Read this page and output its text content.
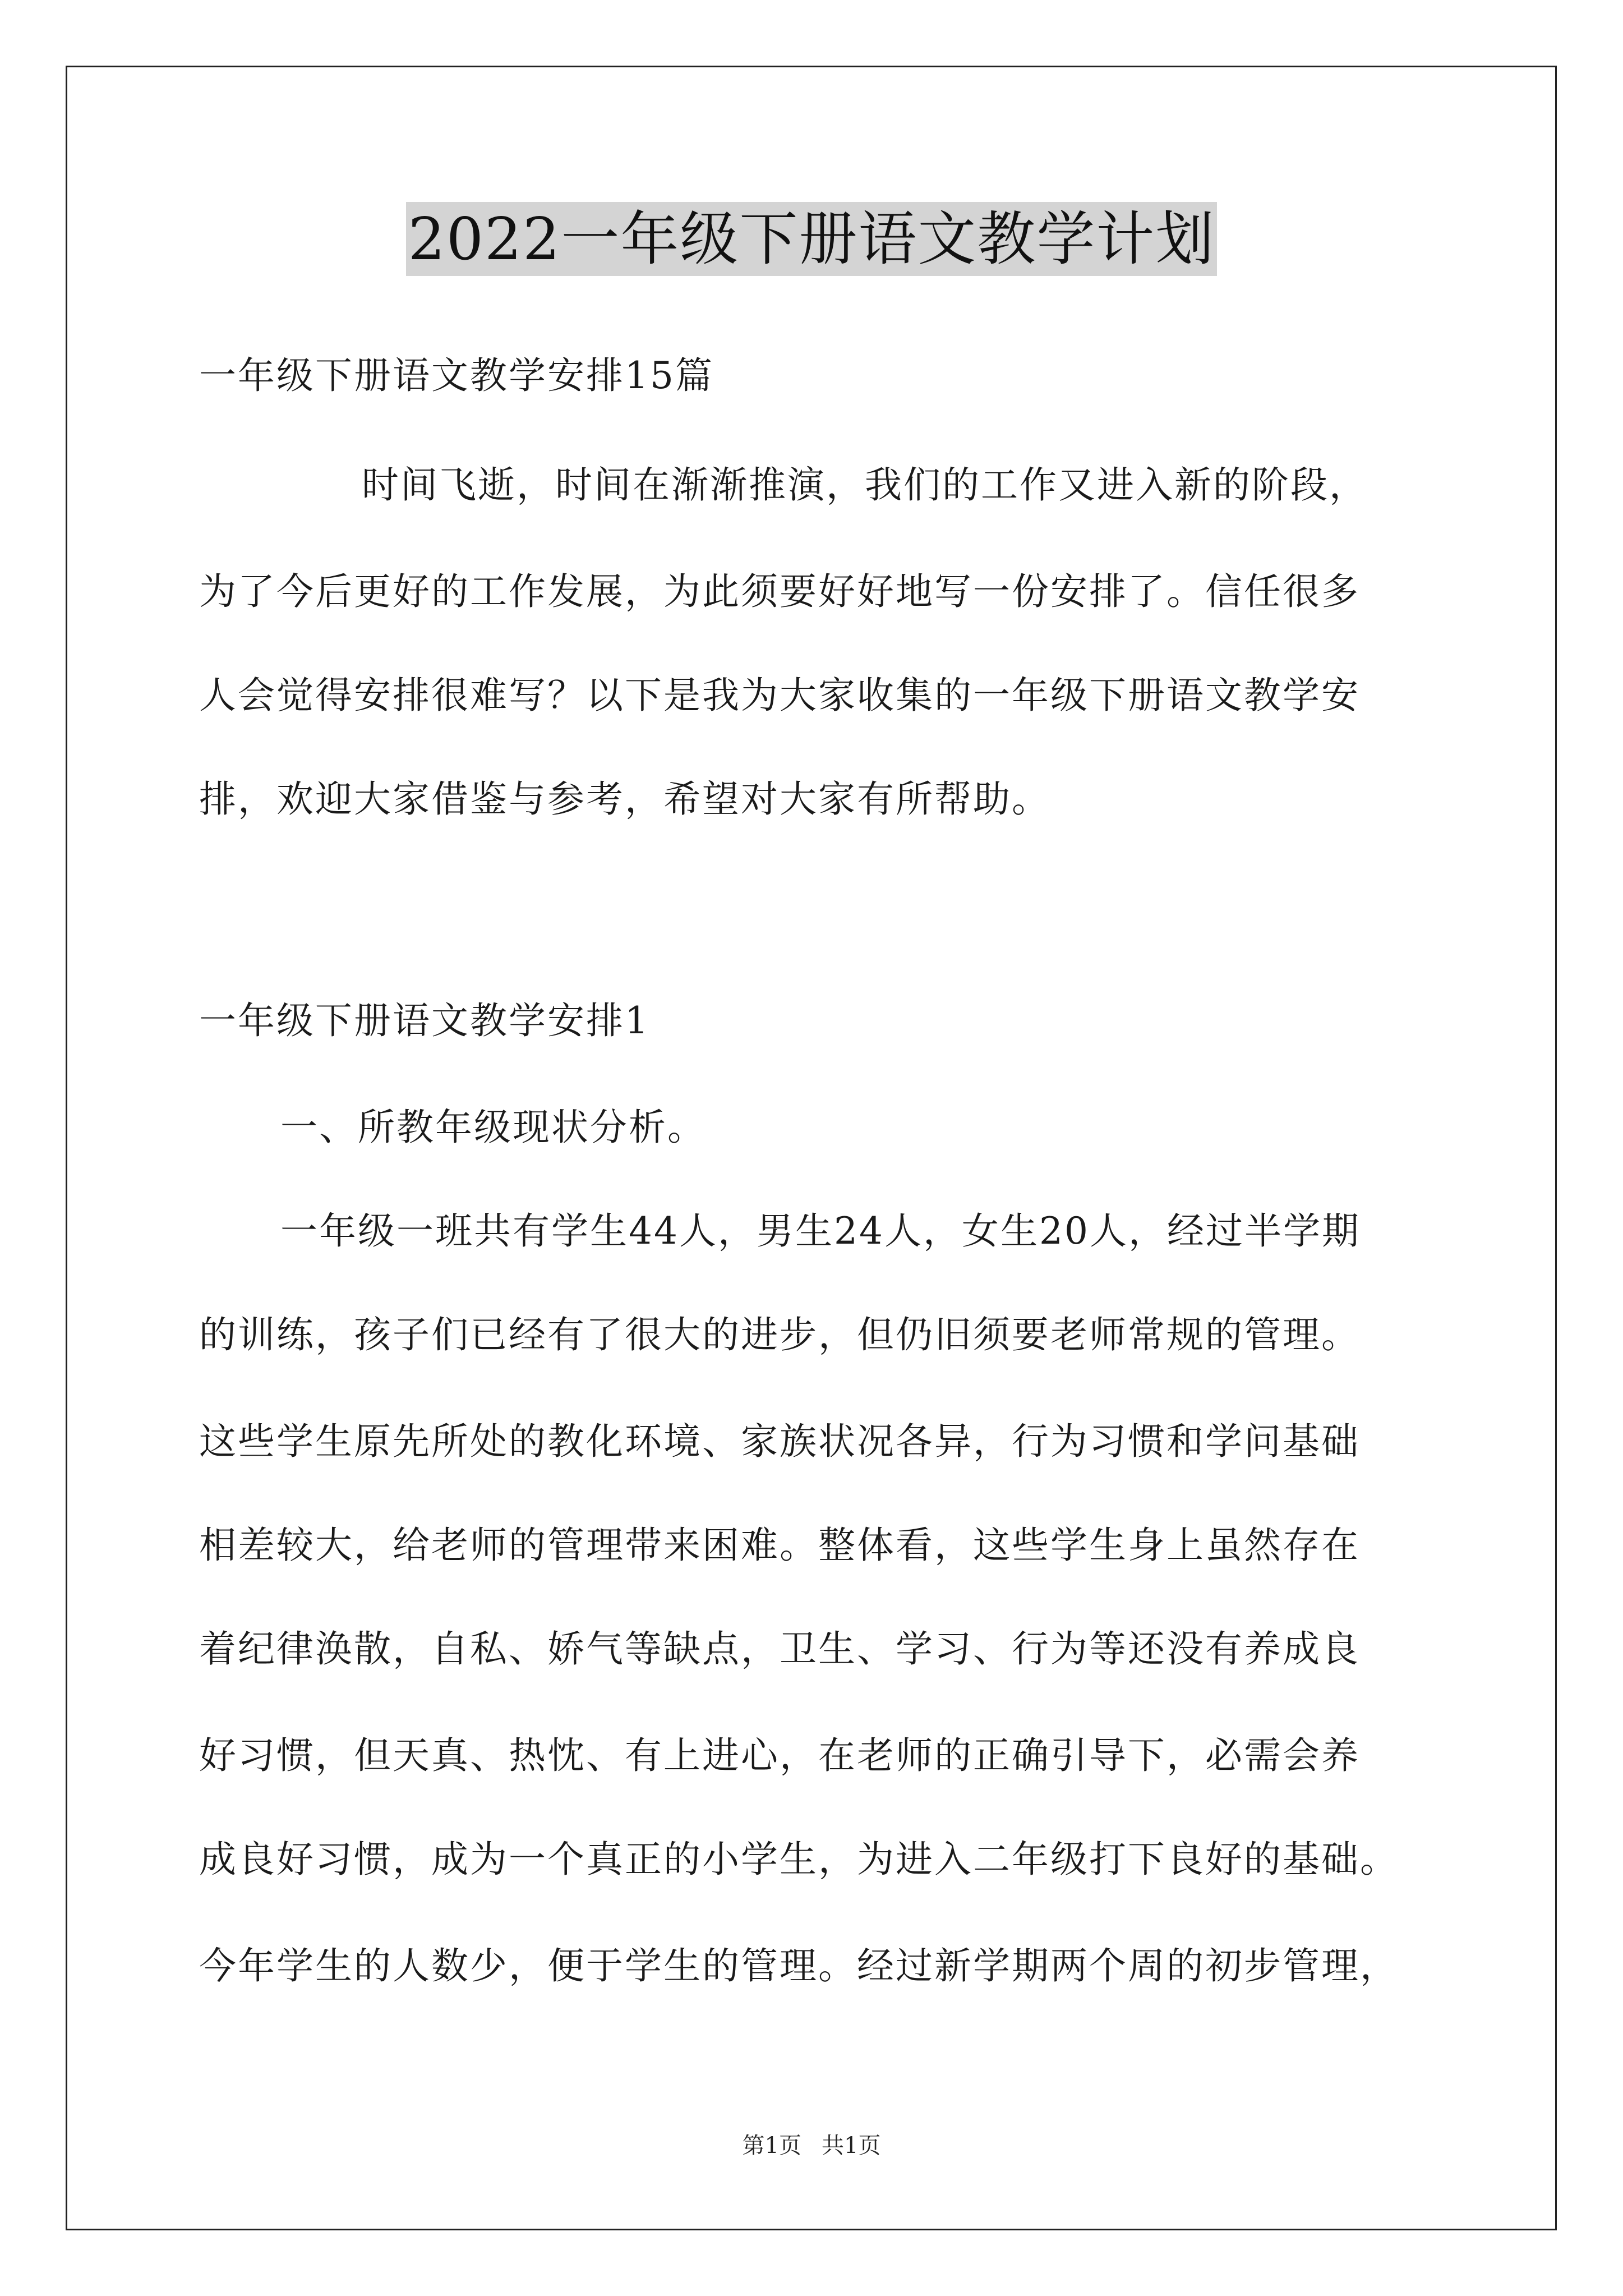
2022一年级下册语文教学计划
一年级下册语文教学安排15篇
时间飞逝，时间在渐渐推演，我们的工作又进入新的阶段，
为了今后更好的工作发展，为此须要好好地写一份安排了。信任很多
人会觉得安排很难写？以下是我为大家收集的一年级下册语文教学安
排，欢迎大家借鉴与参考，希望对大家有所帮助。
一年级下册语文教学安排1
一、所教年级现状分析。
一年级一班共有学生44人，男生24人，女生20人，经过半学期
的训练，孩子们已经有了很大的进步，但仍旧须要老师常规的管理。
这些学生原先所处的教化环境、家族状况各异，行为习惯和学问基础
相差较大，给老师的管理带来困难。整体看，这些学生身上虽然存在
着纪律涣散，自私、娇气等缺点，卫生、学习、行为等还没有养成良
好习惯，但天真、热忱、有上进心，在老师的正确引导下，必需会养
成良好习惯，成为一个真正的小学生，为进入二年级打下良好的基础。
今年学生的人数少，便于学生的管理。经过新学期两个周的初步管理，
第1页 共1页
